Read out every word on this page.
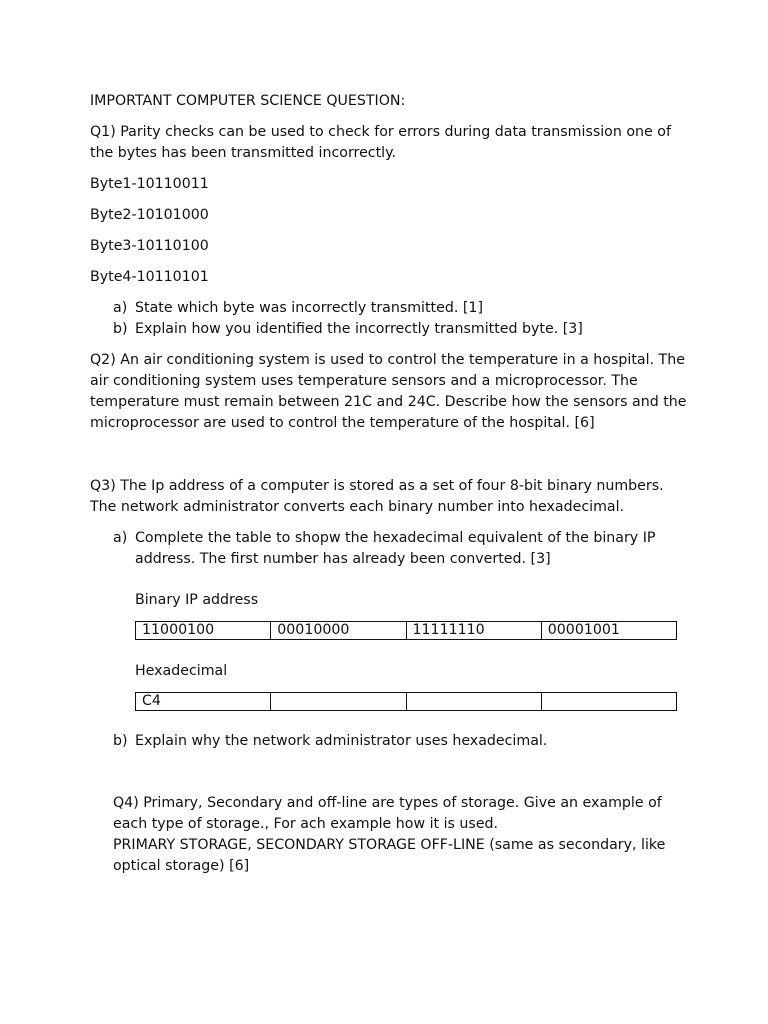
IMPORTANT COMPUTER SCIENCE QUESTION:

Q1) Parity checks can be used to check for errors during data transmission one of the bytes has been transmitted incorrectly.

Byte1-10110011

Byte2-10101000

Byte3-10110100

Byte4-10110101

a) State which byte was incorrectly transmitted. [1]
b) Explain how you identified the incorrectly transmitted byte. [3]

Q2) An air conditioning system is used to control the temperature in a hospital. The air conditioning system uses temperature sensors and a microprocessor. The temperature must remain between 21C and 24C. Describe how the sensors and the microprocessor are used to control the temperature of the hospital. [6]

Q3) The Ip address of a computer is stored as a set of four 8-bit binary numbers. The network administrator converts each binary number into hexadecimal.

a) Complete the table to shopw the hexadecimal equivalent of the binary IP address. The first number has already been converted. [3]

Binary IP address

11000100	00010000	11111110	00001001

Hexadecimal

C4			
b) Explain why the network administrator uses hexadecimal.

Q4) Primary, Secondary and off-line are types of storage. Give an example of each type of storage., For ach example how it is used.

PRIMARY STORAGE, SECONDARY STORAGE OFF-LINE (same as secondary, like optical storage) [6]
